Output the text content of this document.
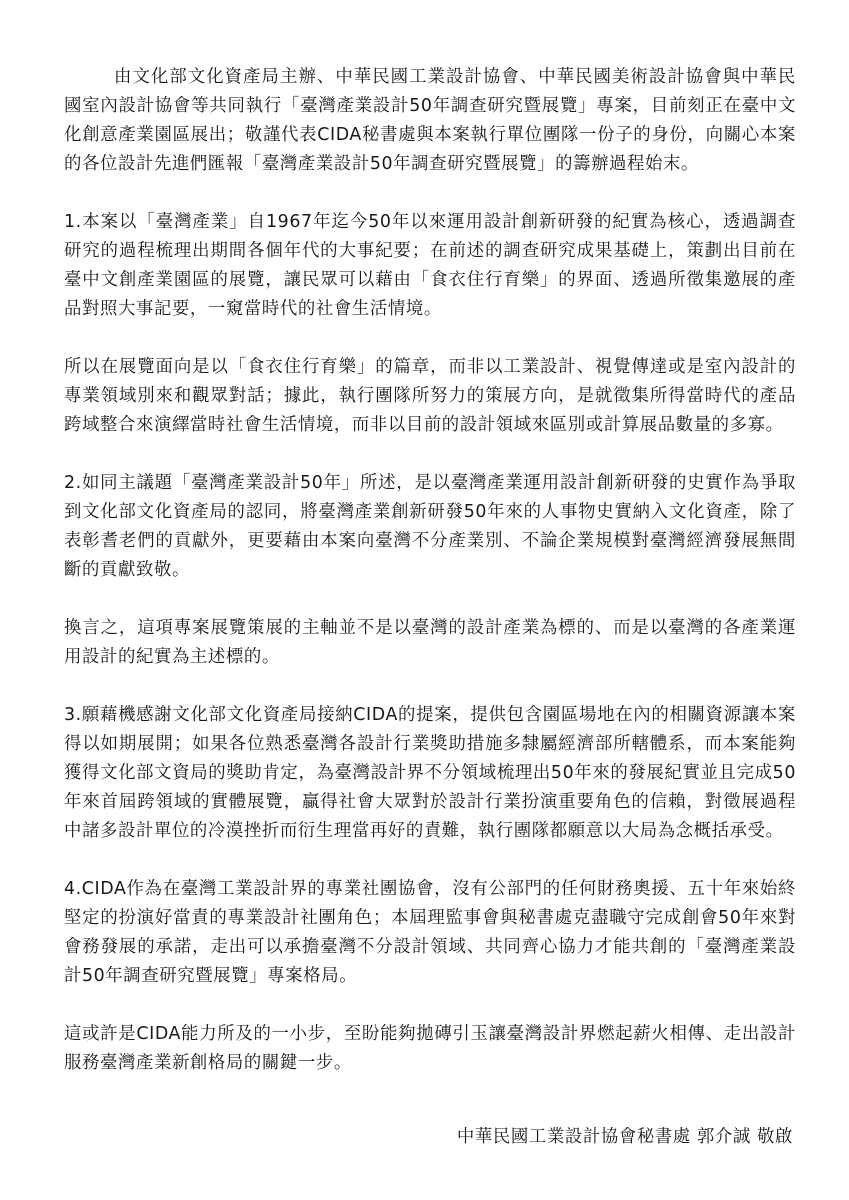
由文化部文化資產局主辦、中華民國工業設計協會、中華民國美術設計協會與中華民國室內設計協會等共同執行「臺灣產業設計50年調查研究暨展覽」專案，目前刻正在臺中文化創意產業園區展出；敬謹代表CIDA秘書處與本案執行單位團隊一份子的身份，向關心本案的各位設計先進們匯報「臺灣產業設計50年調查研究暨展覽」的籌辦過程始末。

1.本案以「臺灣產業」自1967年迄今50年以來運用設計創新研發的紀實為核心，透過調查研究的過程梳理出期間各個年代的大事紀要；在前述的調查研究成果基礎上，策劃出目前在臺中文創產業園區的展覽，讓民眾可以藉由「食衣住行育樂」的界面、透過所徵集邀展的產品對照大事記要，一窺當時代的社會生活情境。

所以在展覽面向是以「食衣住行育樂」的篇章，而非以工業設計、視覺傳達或是室內設計的專業領域別來和觀眾對話；據此，執行團隊所努力的策展方向，是就徵集所得當時代的產品跨域整合來演繹當時社會生活情境，而非以目前的設計領域來區別或計算展品數量的多寡。

2.如同主議題「臺灣產業設計50年」所述，是以臺灣產業運用設計創新研發的史實作為爭取到文化部文化資產局的認同，將臺灣產業創新研發50年來的人事物史實納入文化資產，除了表彰耆老們的貢獻外，更要藉由本案向臺灣不分產業別、不論企業規模對臺灣經濟發展無間斷的貢獻致敬。

換言之，這項專案展覽策展的主軸並不是以臺灣的設計產業為標的、而是以臺灣的各產業運用設計的紀實為主述標的。

3.願藉機感謝文化部文化資產局接納CIDA的提案，提供包含園區場地在內的相關資源讓本案得以如期展開；如果各位熟悉臺灣各設計行業獎助措施多隸屬經濟部所轄體系，而本案能夠獲得文化部文資局的獎助肯定，為臺灣設計界不分領域梳理出50年來的發展紀實並且完成50年來首屆跨領域的實體展覽，贏得社會大眾對於設計行業扮演重要角色的信賴，對徵展過程中諸多設計單位的冷漠挫折而衍生理當再好的責難，執行團隊都願意以大局為念概括承受。

4.CIDA作為在臺灣工業設計界的專業社團協會，沒有公部門的任何財務奧援、五十年來始終堅定的扮演好當責的專業設計社團角色；本屆理監事會與秘書處克盡職守完成創會50年來對會務發展的承諾，走出可以承擔臺灣不分設計領域、共同齊心協力才能共創的「臺灣產業設計50年調查研究暨展覽」專案格局。

這或許是CIDA能力所及的一小步，至盼能夠拋磚引玉讓臺灣設計界燃起薪火相傳、走出設計服務臺灣產業新創格局的關鍵一步。

中華民國工業設計協會秘書處 郭介誠 敬啟
